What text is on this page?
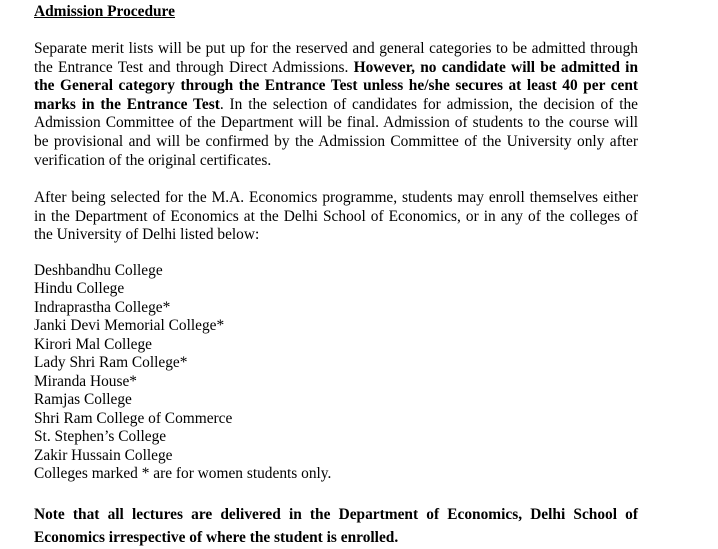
Admission Procedure

Separate merit lists will be put up for the reserved and general categories to be admitted through the Entrance Test and through Direct Admissions. However, no candidate will be admitted in the General category through the Entrance Test unless he/she secures at least 40 per cent marks in the Entrance Test. In the selection of candidates for admission, the decision of the Admission Committee of the Department will be final. Admission of students to the course will be provisional and will be confirmed by the Admission Committee of the University only after verification of the original certificates.

After being selected for the M.A. Economics programme, students may enroll themselves either in the Department of Economics at the Delhi School of Economics, or in any of the colleges of the University of Delhi listed below:

Deshbandhu College
Hindu College
Indraprastha College*
Janki Devi Memorial College*
Kirori Mal College
Lady Shri Ram College*
Miranda House*
Ramjas College
Shri Ram College of Commerce
St. Stephen’s College
Zakir Hussain College

Colleges marked * are for women students only.

Note that all lectures are delivered in the Department of Economics, Delhi School of Economics irrespective of where the student is enrolled.
